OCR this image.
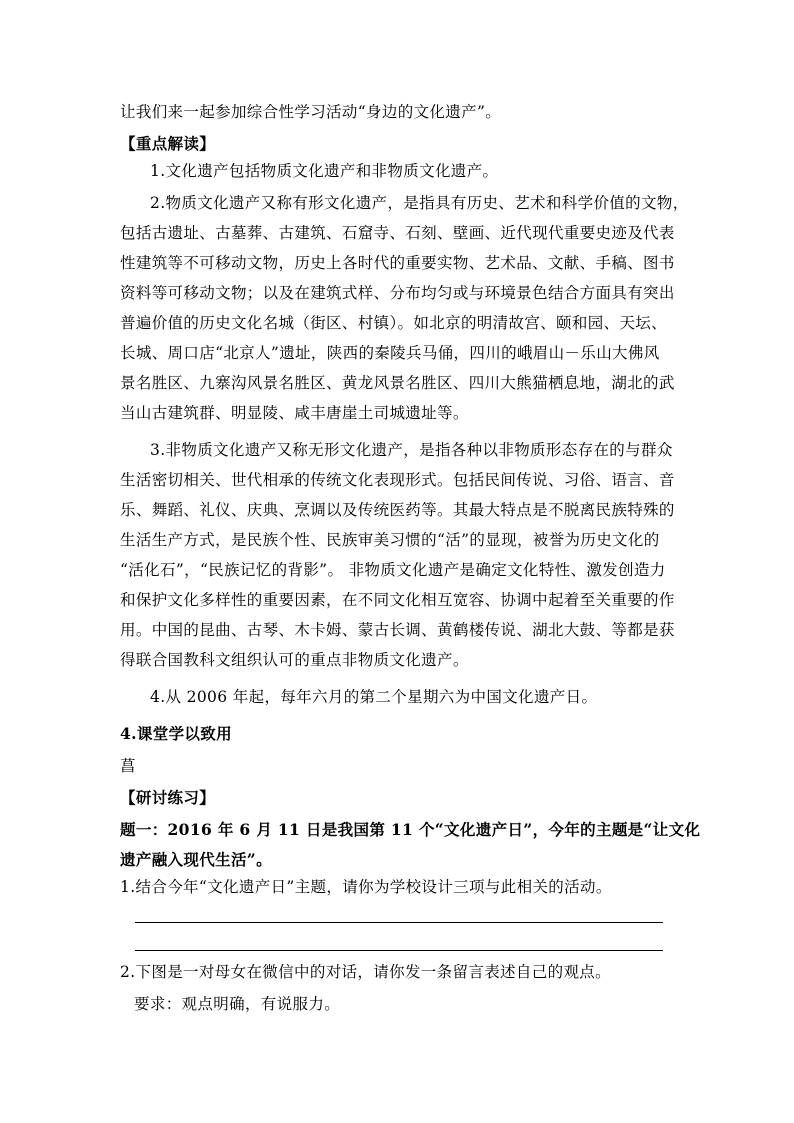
让我们来一起参加综合性学习活动“身边的文化遗产”。
【重点解读】
1.文化遗产包括物质文化遗产和非物质文化遗产。
2.物质文化遗产又称有形文化遗产，是指具有历史、艺术和科学价值的文物，
包括古遗址、古墓葬、古建筑、石窟寺、石刻、壁画、近代现代重要史迹及代表
性建筑等不可移动文物，历史上各时代的重要实物、艺术品、文献、手稿、图书
资料等可移动文物；以及在建筑式样、分布均匀或与环境景色结合方面具有突出
普遍价值的历史文化名城（街区、村镇）。如北京的明清故宫、颐和园、天坛、
长城、周口店“北京人”遗址，陕西的秦陵兵马俑，四川的峨眉山－乐山大佛风
景名胜区、九寨沟风景名胜区、黄龙风景名胜区、四川大熊猫栖息地，湖北的武
当山古建筑群、明显陵、咸丰唐崖土司城遗址等。
3.非物质文化遗产又称无形文化遗产，是指各种以非物质形态存在的与群众
生活密切相关、世代相承的传统文化表现形式。包括民间传说、习俗、语言、音
乐、舞蹈、礼仪、庆典、烹调以及传统医药等。其最大特点是不脱离民族特殊的
生活生产方式，是民族个性、民族审美习惯的“活”的显现，被誉为历史文化的
“活化石”，“民族记忆的背影”。 非物质文化遗产是确定文化特性、激发创造力
和保护文化多样性的重要因素，在不同文化相互宽容、协调中起着至关重要的作
用。中国的昆曲、古琴、木卡姆、蒙古长调、黄鹤楼传说、湖北大鼓、等都是获
得联合国教科文组织认可的重点非物质文化遗产。
4.从 2006 年起，每年六月的第二个星期六为中国文化遗产日。
4.课堂学以致用
菖
【研讨练习】
题一：2016 年 6 月 11 日是我国第 11 个“文化遗产日”，今年的主题是“让文化
遗产融入现代生活”。
1.结合今年“文化遗产日”主题，请你为学校设计三项与此相关的活动。
2.下图是一对母女在微信中的对话，请你发一条留言表述自己的观点。
要求：观点明确，有说服力。
